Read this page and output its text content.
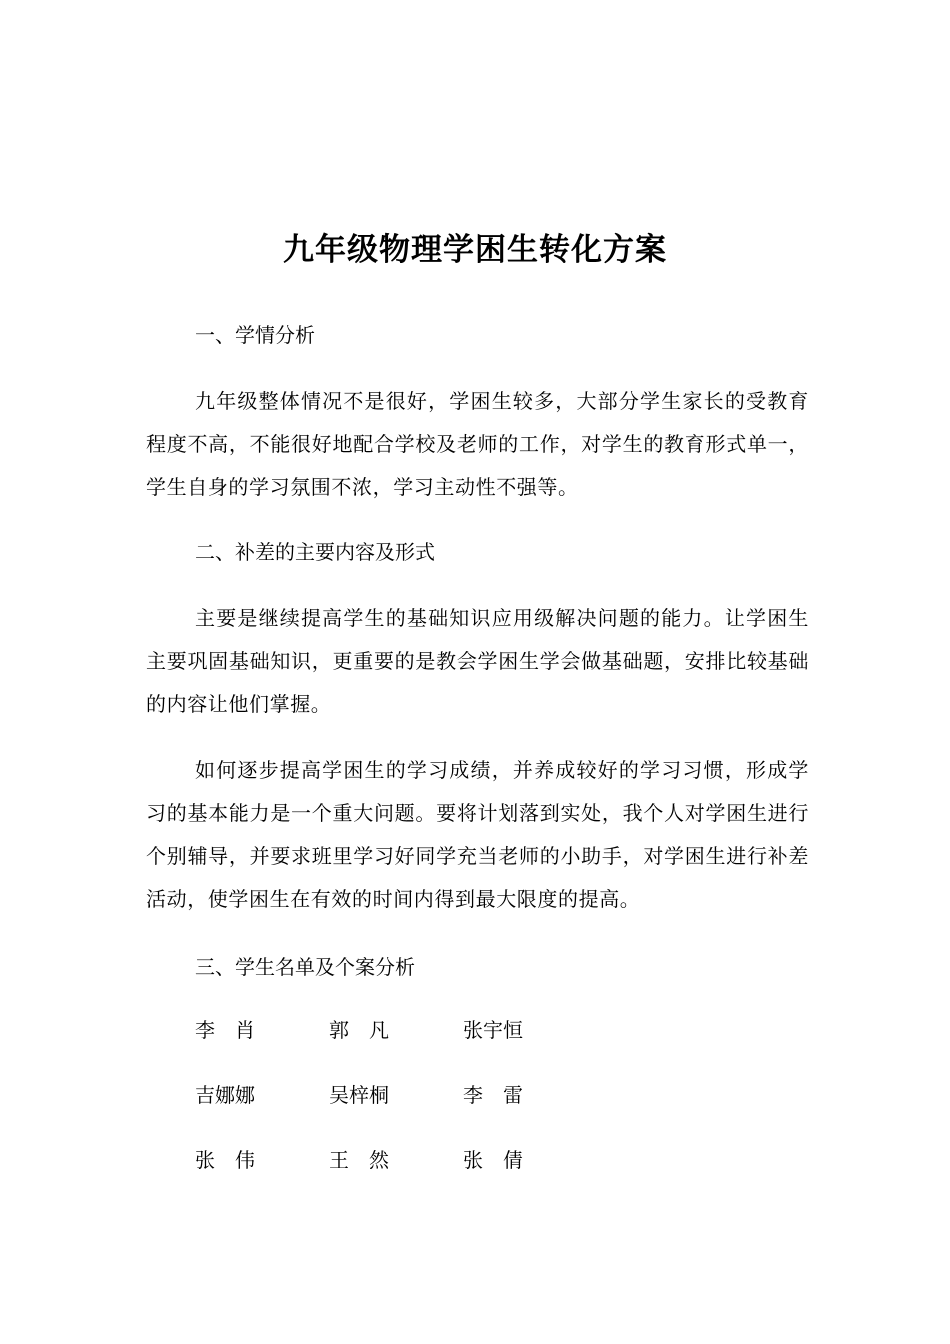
九年级物理学困生转化方案

一、学情分析

九年级整体情况不是很好，学困生较多，大部分学生家长的受教育程度不高，不能很好地配合学校及老师的工作，对学生的教育形式单一，学生自身的学习氛围不浓，学习主动性不强等。

二、补差的主要内容及形式

主要是继续提高学生的基础知识应用级解决问题的能力。让学困生主要巩固基础知识，更重要的是教会学困生学会做基础题，安排比较基础的内容让他们掌握。

如何逐步提高学困生的学习成绩，并养成较好的学习习惯，形成学习的基本能力是一个重大问题。要将计划落到实处，我个人对学困生进行个别辅导，并要求班里学习好同学充当老师的小助手，对学困生进行补差活动，使学困生在有效的时间内得到最大限度的提高。

三、学生名单及个案分析

李　肖	郭　凡	张宇恒
吉娜娜	吴梓桐	李　雷
张　伟	王　然	张　倩
